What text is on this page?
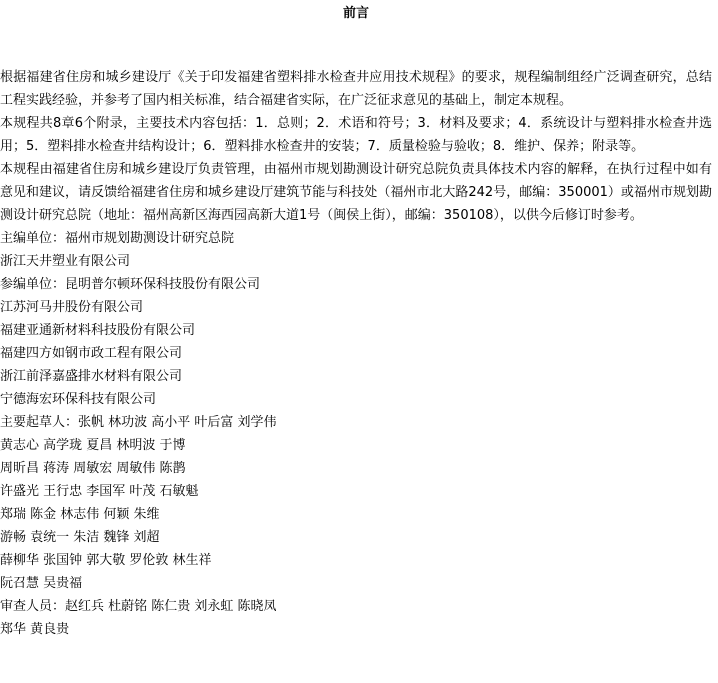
前言

根据福建省住房和城乡建设厅《关于印发福建省塑料排水检查井应用技术规程》的要求，规程编制组经广泛调查研究，总结工程实践经验，并参考了国内相关标准，结合福建省实际，在广泛征求意见的基础上，制定本规程。

本规程共8章6个附录，主要技术内容包括：1．总则；2．术语和符号；3．材料及要求；4．系统设计与塑料排水检查井选用；5．塑料排水检查井结构设计；6．塑料排水检查井的安装；7．质量检验与验收；8．维护、保养；附录等。

本规程由福建省住房和城乡建设厅负责管理，由福州市规划勘测设计研究总院负责具体技术内容的解释，在执行过程中如有意见和建议，请反馈给福建省住房和城乡建设厅建筑节能与科技处（福州市北大路242号，邮编：350001）或福州市规划勘测设计研究总院（地址：福州高新区海西园高新大道1号（闽侯上街），邮编：350108），以供今后修订时参考。

主编单位：福州市规划勘测设计研究总院
浙江天井塑业有限公司
参编单位：昆明普尔顿环保科技股份有限公司
江苏河马井股份有限公司
福建亚通新材料科技股份有限公司
福建四方如钢市政工程有限公司
浙江前泽嘉盛排水材料有限公司
宁德海宏环保科技有限公司
主要起草人：张帆 林功波 高小平 叶后富 刘学伟
黄志心 高学珑 夏昌 林明波 于博
周昕昌 蒋涛 周敏宏 周敏伟 陈鹊
许盛光 王行忠 李国军 叶茂 石敏魁
郑瑞 陈金 林志伟 何颖 朱维
游畅 袁统一 朱洁 魏锋 刘超
薛柳华 张国钟 郭大敬 罗伦敦 林生祥
阮召慧 吴贵福
审查人员：赵红兵 杜蔚铭 陈仁贵 刘永虹 陈晓凤
郑华 黄良贵
